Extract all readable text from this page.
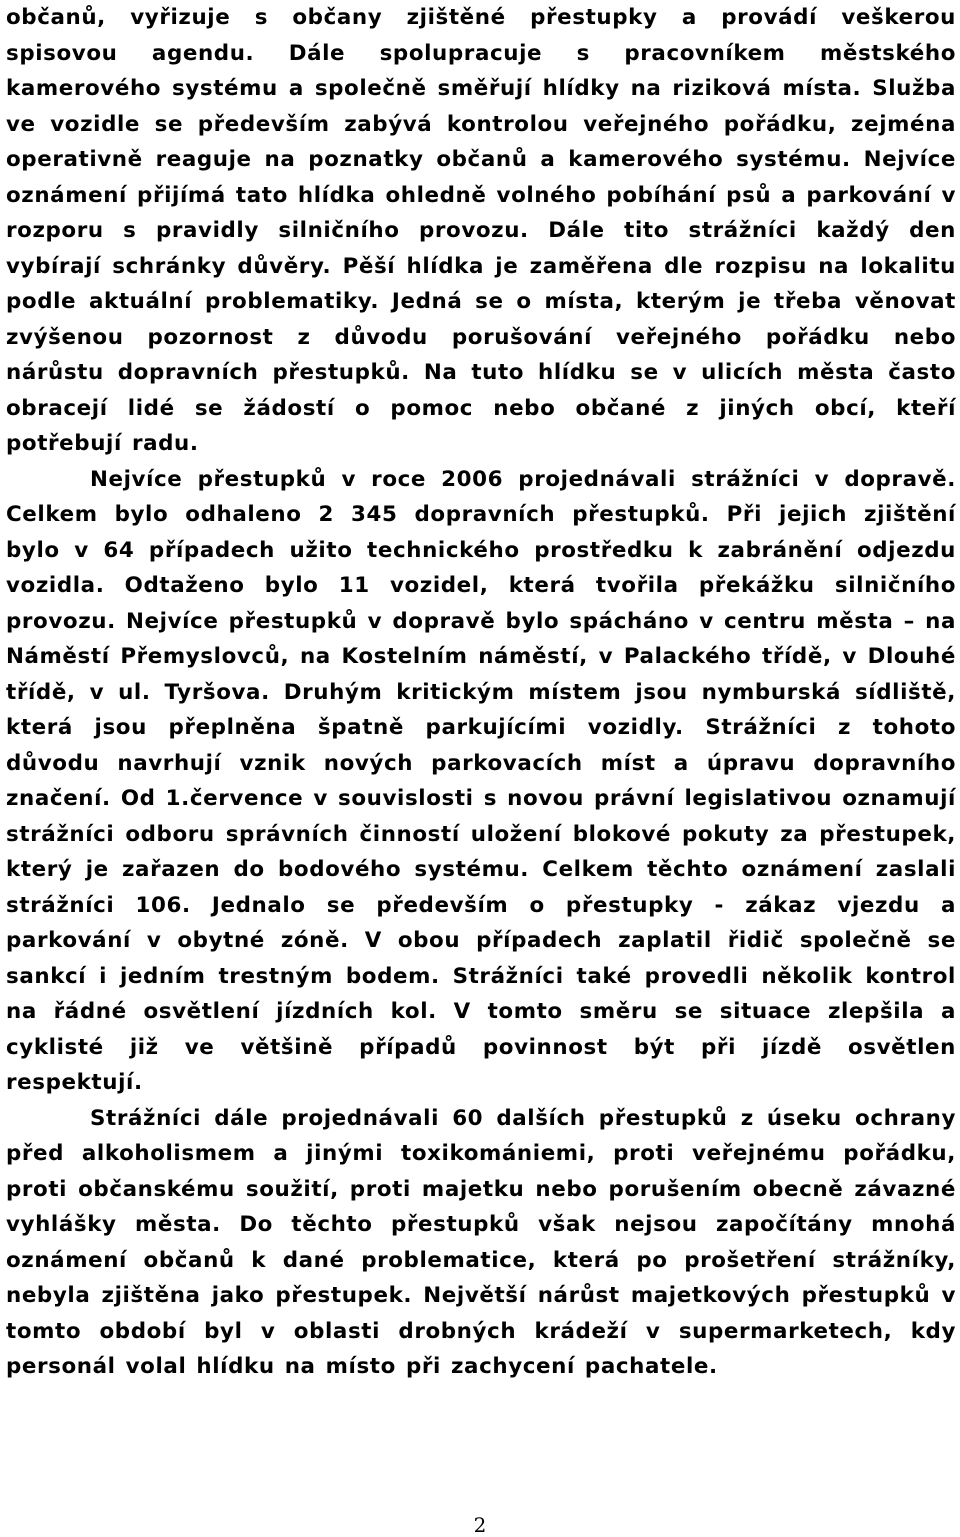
občanů, vyřizuje s občany zjištěné přestupky a provádí veškerou spisovou agendu. Dále spolupracuje s pracovníkem městského kamerového systému a společně směřují hlídky na riziková místa. Služba ve vozidle se především zabývá kontrolou veřejného pořádku, zejména operativně reaguje na poznatky občanů a kamerového systému. Nejvíce oznámení přijímá tato hlídka ohledně volného pobíhání psů a parkování v rozporu s pravidly silničního provozu. Dále tito strážníci každý den vybírají schránky důvěry. Pěší hlídka je zaměřena dle rozpisu na lokalitu podle aktuální problematiky. Jedná se o místa, kterým je třeba věnovat zvýšenou pozornost z důvodu porušování veřejného pořádku nebo nárůstu dopravních přestupků. Na tuto hlídku se v ulicích města často obracejí lidé se žádostí o pomoc nebo občané z jiných obcí, kteří potřebují radu.

Nejvíce přestupků v roce 2006 projednávali strážníci v dopravě. Celkem bylo odhaleno 2 345 dopravních přestupků. Při jejich zjištění bylo v 64 případech užito technického prostředku k zabránění odjezdu vozidla. Odtaženo bylo 11 vozidel, která tvořila překážku silničního provozu. Nejvíce přestupků v dopravě bylo spácháno v centru města – na Náměstí Přemyslovců, na Kostelním náměstí, v Palackého třídě, v Dlouhé třídě, v ul. Tyršova. Druhým kritickým místem jsou nymburská sídliště, která jsou přeplněna špatně parkujícími vozidly. Strážníci z tohoto důvodu navrhují vznik nových parkovacích míst a úpravu dopravního značení. Od 1.července v souvislosti s novou právní legislativou oznamují strážníci odboru správních činností uložení blokové pokuty za přestupek, který je zařazen do bodového systému. Celkem těchto oznámení zaslali strážníci 106. Jednalo se především o přestupky - zákaz vjezdu a parkování v obytné zóně. V obou případech zaplatil řidič společně se sankcí i jedním trestným bodem. Strážníci také provedli několik kontrol na řádné osvětlení jízdních kol. V tomto směru se situace zlepšila a cyklisté již ve většině případů povinnost být při jízdě osvětlen respektují.

Strážníci dále projednávali 60 dalších přestupků z úseku ochrany před alkoholismem a jinými toxikomániemi, proti veřejnému pořádku, proti občanskému soužití, proti majetku nebo porušením obecně závazné vyhlášky města. Do těchto přestupků však nejsou započítány mnohá oznámení občanů k dané problematice, která po prošetření strážníky, nebyla zjištěna jako přestupek. Největší nárůst majetkových přestupků v tomto období byl v oblasti drobných krádeží v supermarketech, kdy personál volal hlídku na místo při zachycení pachatele.

2
